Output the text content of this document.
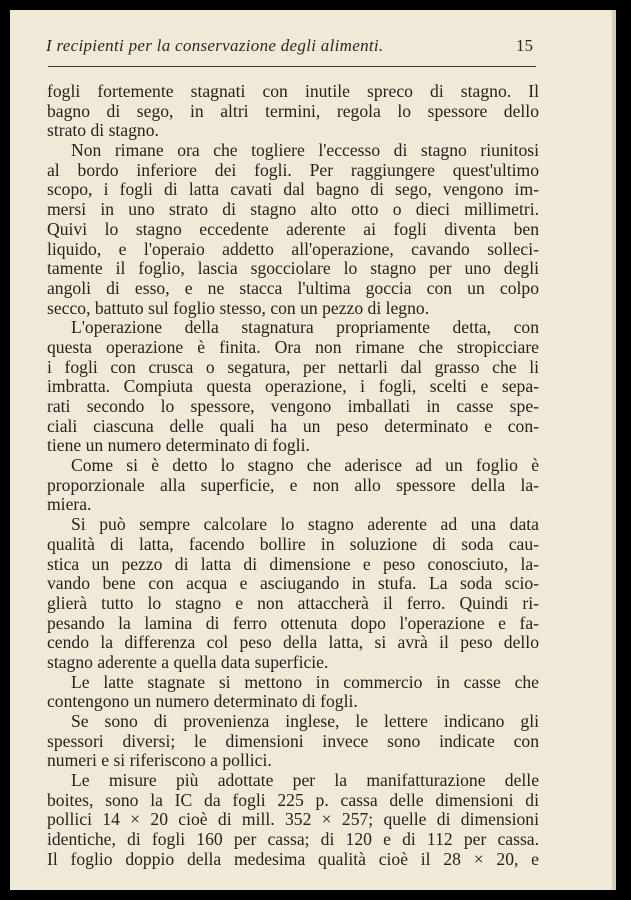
I recipienti per la conservazione degli alimenti.	15
fogli fortemente stagnati con inutile spreco di stagno. Il
bagno di sego, in altri termini, regola lo spessore dello
strato di stagno.
Non rimane ora che togliere l'eccesso di stagno riunitosi
al bordo inferiore dei fogli. Per raggiungere quest'ultimo
scopo, i fogli di latta cavati dal bagno di sego, vengono im-
mersi in uno strato di stagno alto otto o dieci millimetri.
Quivi lo stagno eccedente aderente ai fogli diventa ben
liquido, e l'operaio addetto all'operazione, cavando solleci-
tamente il foglio, lascia sgocciolare lo stagno per uno degli
angoli di esso, e ne stacca l'ultima goccia con un colpo
secco, battuto sul foglio stesso, con un pezzo di legno.
L'operazione della stagnatura propriamente detta, con
questa operazione è finita. Ora non rimane che stropicciare
i fogli con crusca o segatura, per nettarli dal grasso che li
imbratta. Compiuta questa operazione, i fogli, scelti e sepa-
rati secondo lo spessore, vengono imballati in casse spe-
ciali ciascuna delle quali ha un peso determinato e con-
tiene un numero determinato di fogli.
Come si è detto lo stagno che aderisce ad un foglio è
proporzionale alla superficie, e non allo spessore della la-
miera.
Si può sempre calcolare lo stagno aderente ad una data
qualità di latta, facendo bollire in soluzione di soda cau-
stica un pezzo di latta di dimensione e peso conosciuto, la-
vando bene con acqua e asciugando in stufa. La soda scio-
glierà tutto lo stagno e non attaccherà il ferro. Quindi ri-
pesando la lamina di ferro ottenuta dopo l'operazione e fa-
cendo la differenza col peso della latta, si avrà il peso dello
stagno aderente a quella data superficie.
Le latte stagnate si mettono in commercio in casse che
contengono un numero determinato di fogli.
Se sono di provenienza inglese, le lettere indicano gli
spessori diversi; le dimensioni invece sono indicate con
numeri e si riferiscono a pollici.
Le misure più adottate per la manifatturazione delle
boites, sono la IC da fogli 225 p. cassa delle dimensioni di
pollici 14 × 20 cioè di mill. 352 × 257; quelle di dimensioni
identiche, di fogli 160 per cassa; di 120 e di 112 per cassa.
Il foglio doppio della medesima qualità cioè il 28 × 20, e
